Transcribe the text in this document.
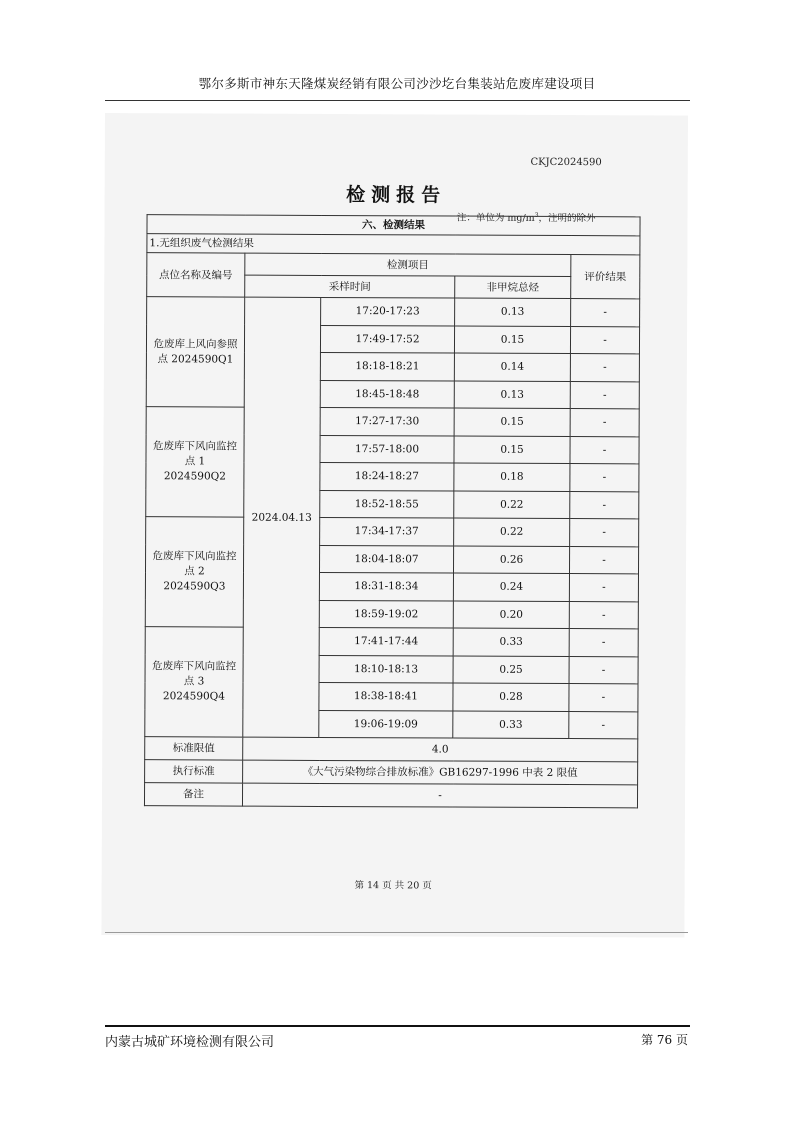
鄂尔多斯市神东天隆煤炭经销有限公司沙沙圪台集装站危废库建设项目
CKJC2024590
检测报告
注：单位为 $mg/m^3$，注明的除外
六、检测结果				
1.无组织废气检测结果				
点位名称及编号	检测项目			评价结果
	采样时间		非甲烷总烃	
危废库上风向参照点 2024590Q1	2024.04.13	17:20-17:23	0.13	-
		17:49-17:52	0.15	-
		18:18-18:21	0.14	-
		18:45-18:48	0.13	-
危废库下风向监控点 1 2024590Q2		17:27-17:30	0.15	-
		17:57-18:00	0.15	-
		18:24-18:27	0.18	-
		18:52-18:55	0.22	-
危废库下风向监控点 2 2024590Q3		17:34-17:37	0.22	-
		18:04-18:07	0.26	-
		18:31-18:34	0.24	-
		18:59-19:02	0.20	-
危废库下风向监控点 3 2024590Q4		17:41-17:44	0.33	-
		18:10-18:13	0.25	-
		18:38-18:41	0.28	-
		19:06-19:09	0.33	-
标准限值	4.0			
执行标准	《大气污染物综合排放标准》GB16297-1996 中表 2 限值			
备注	-			
第 14 页 共 20 页
内蒙古城矿环境检测有限公司	第 76 页
